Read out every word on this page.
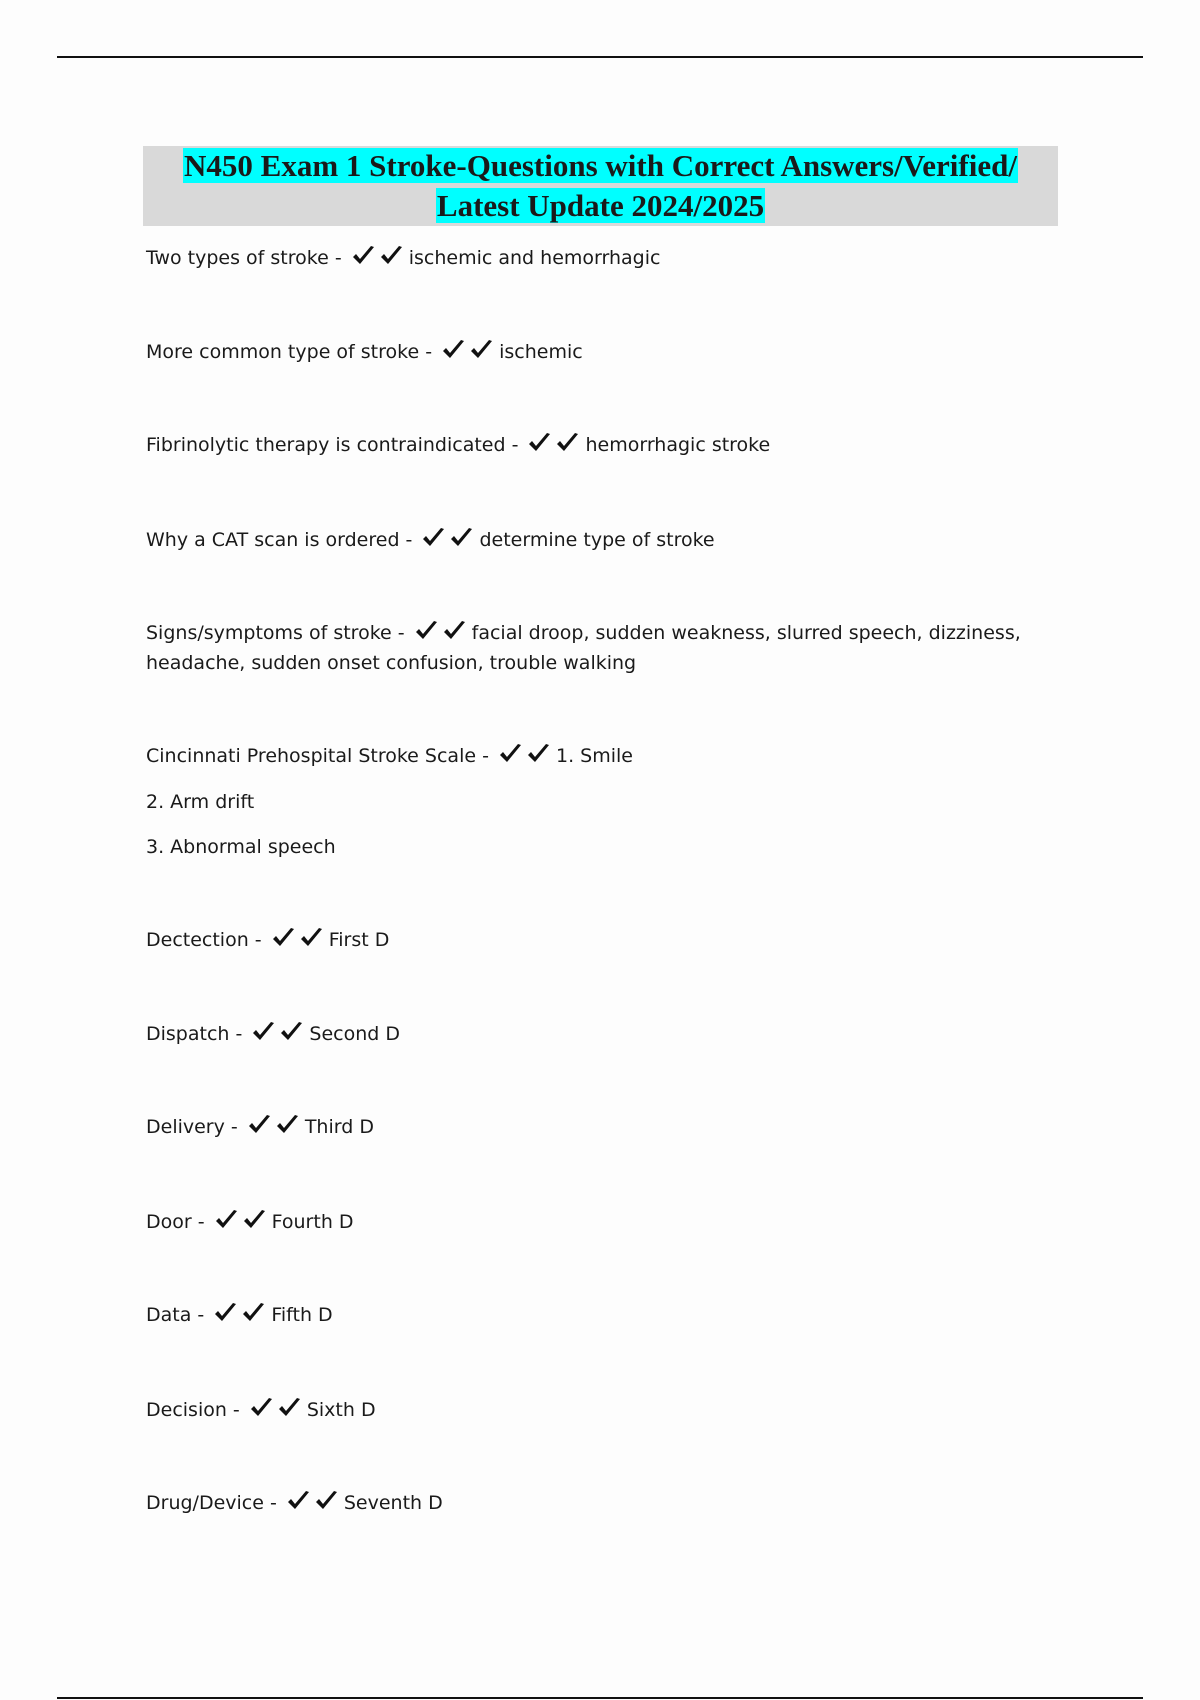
N450 Exam 1 Stroke-Questions with Correct Answers/Verified/
Latest Update 2024/2025
Two types of stroke -	ischemic and hemorrhagic
More common type of stroke -	ischemic
Fibrinolytic therapy is contraindicated -	hemorrhagic stroke
Why a CAT scan is ordered -	determine type of stroke
Signs/symptoms of stroke -	facial droop, sudden weakness, slurred speech, dizziness,
headache, sudden onset confusion, trouble walking
Cincinnati Prehospital Stroke Scale -	1. Smile
2. Arm drift
3. Abnormal speech
Dectection -	First D
Dispatch -	Second D
Delivery -	Third D
Door -	Fourth D
Data -	Fifth D
Decision -	Sixth D
Drug/Device -	Seventh D
